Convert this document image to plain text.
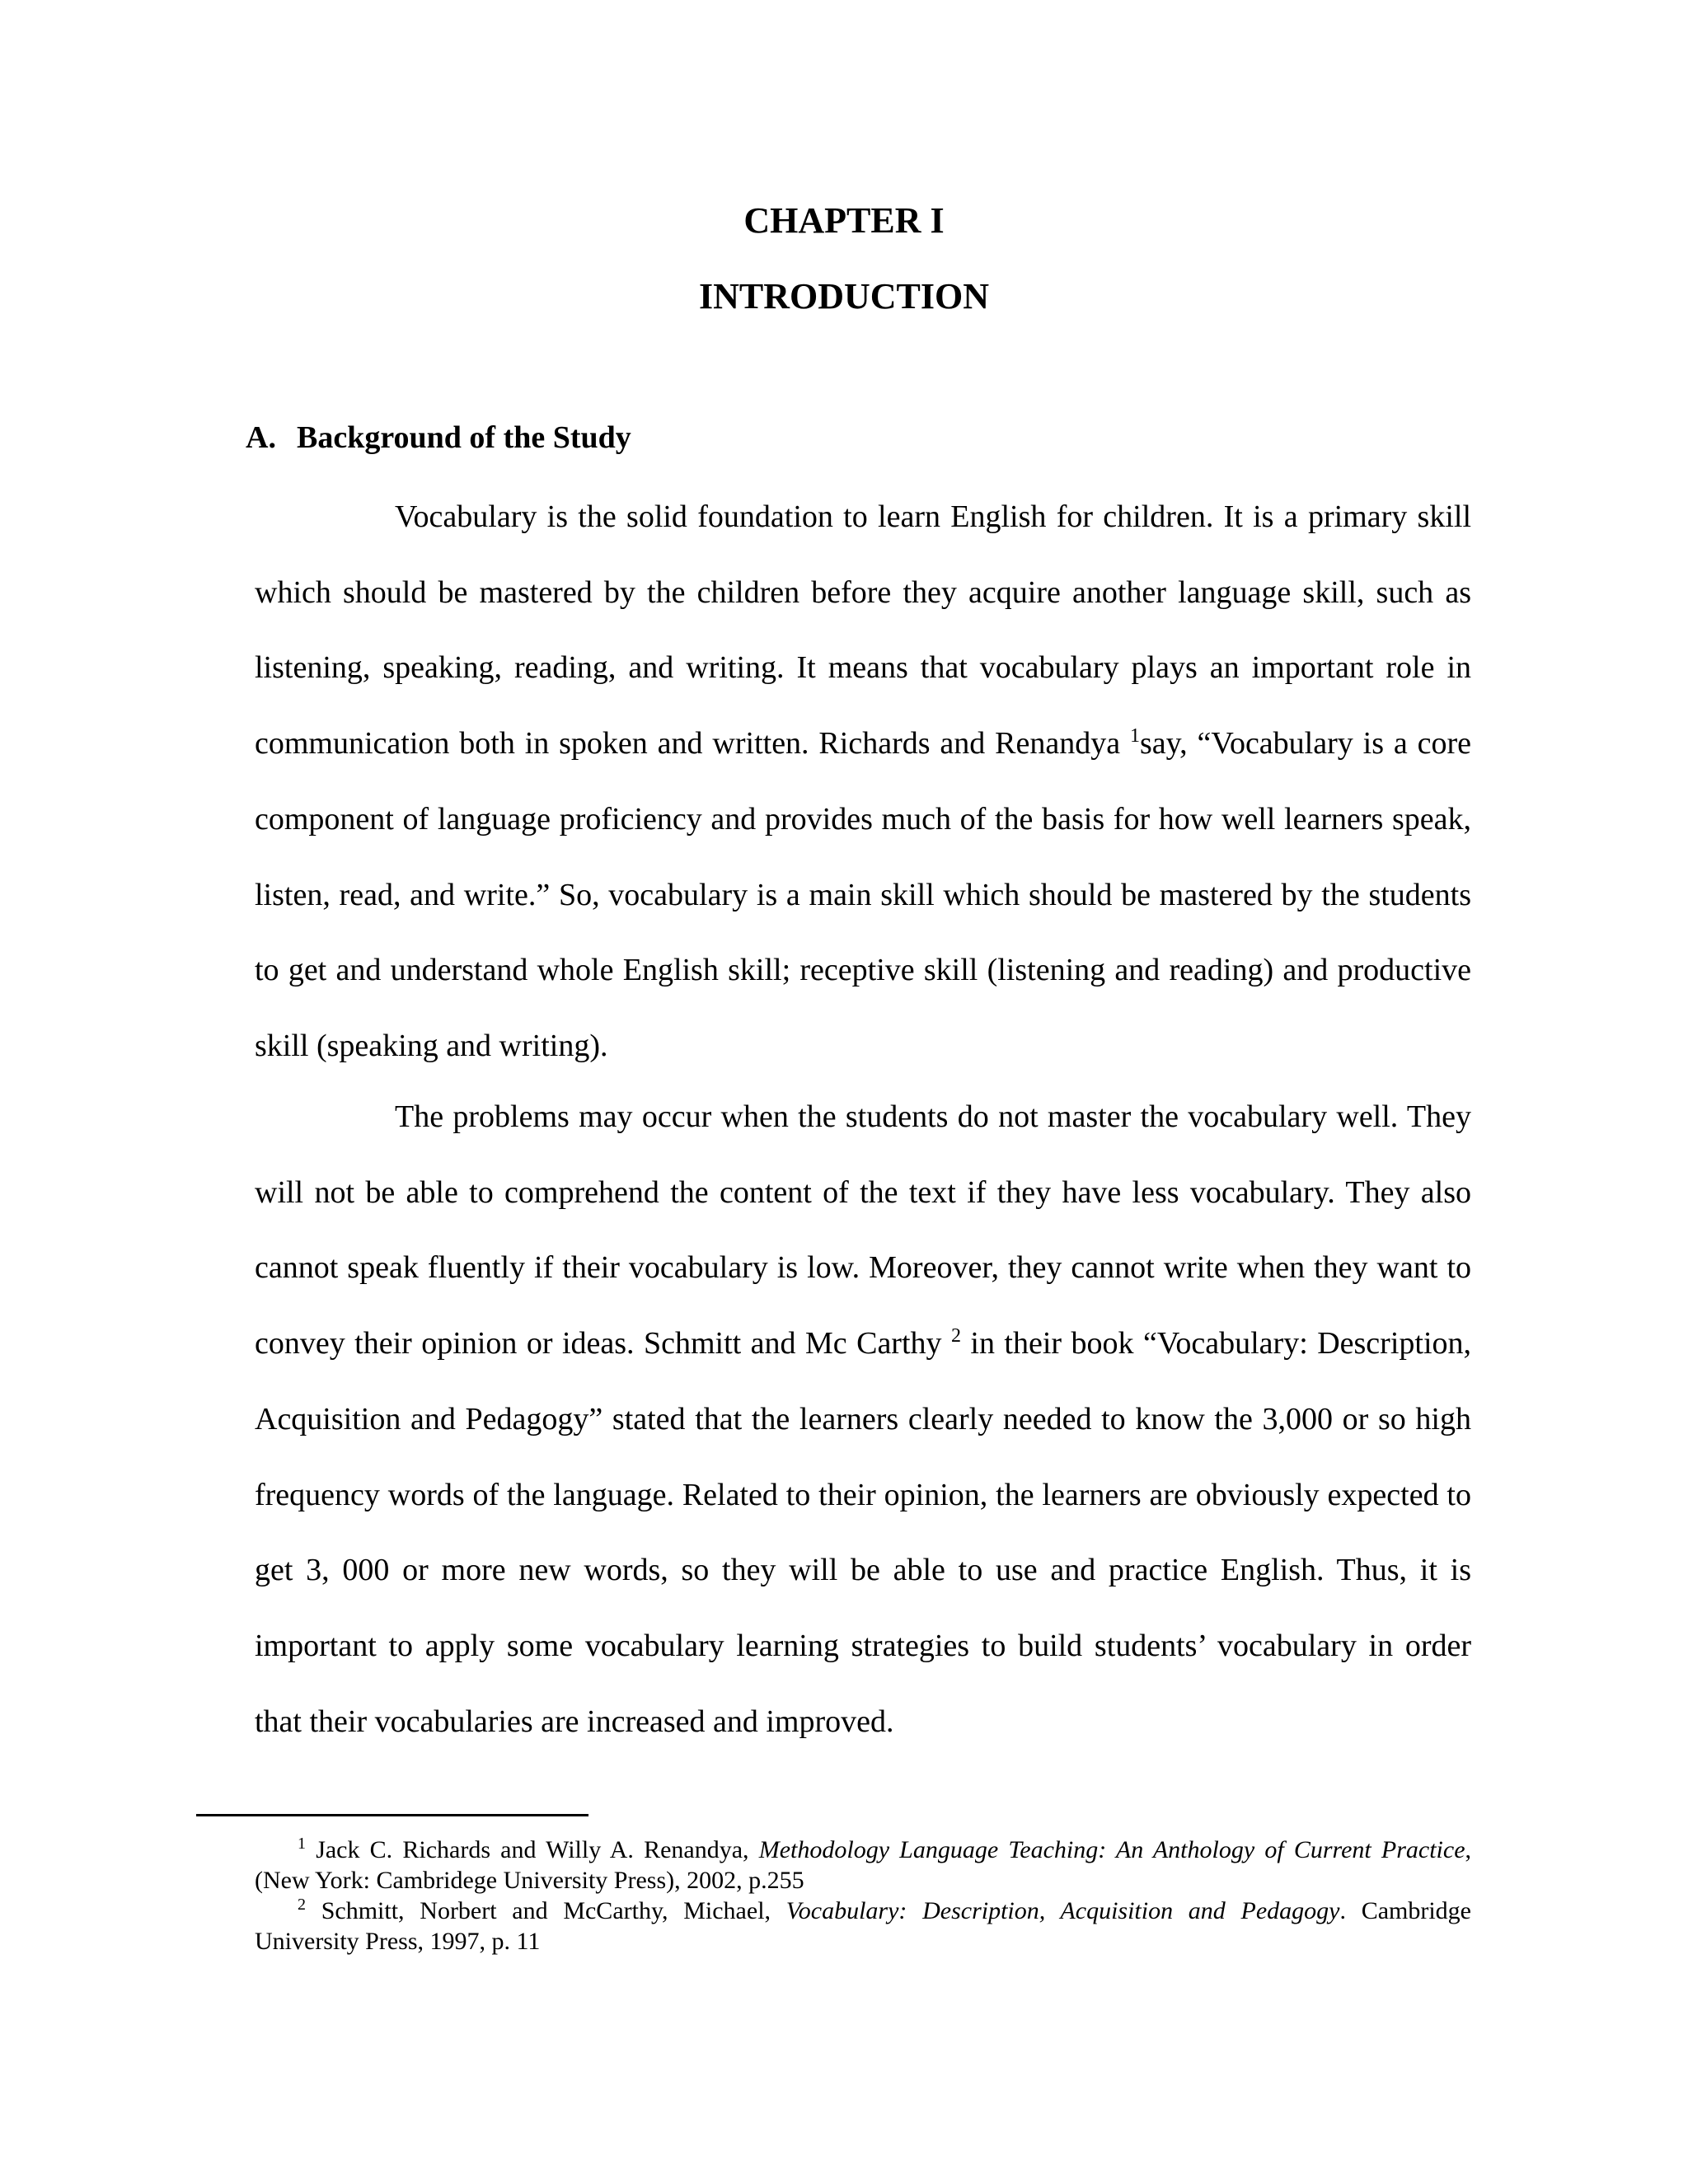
CHAPTER I
INTRODUCTION
A. Background of the Study

Vocabulary is the solid foundation to learn English for children. It is a primary skill which should be mastered by the children before they acquire another language skill, such as listening, speaking, reading, and writing. It means that vocabulary plays an important role in communication both in spoken and written. Richards and Renandya $^1$say, “Vocabulary is a core component of language proficiency and provides much of the basis for how well learners speak, listen, read, and write.” So, vocabulary is a main skill which should be mastered by the students to get and understand whole English skill; receptive skill (listening and reading) and productive skill (speaking and writing).

The problems may occur when the students do not master the vocabulary well. They will not be able to comprehend the content of the text if they have less vocabulary. They also cannot speak fluently if their vocabulary is low. Moreover, they cannot write when they want to convey their opinion or ideas. Schmitt and Mc Carthy $^2$ in their book “Vocabulary: Description, Acquisition and Pedagogy” stated that the learners clearly needed to know the 3,000 or so high frequency words of the language. Related to their opinion, the learners are obviously expected to get 3, 000 or more new words, so they will be able to use and practice English. Thus, it is important to apply some vocabulary learning strategies to build students’ vocabulary in order that their vocabularies are increased and improved.

$^1$ Jack C. Richards and Willy A. Renandya, Methodology Language Teaching: An Anthology of Current Practice, (New York: Cambridege University Press), 2002, p.255

$^2$ Schmitt, Norbert and McCarthy, Michael, Vocabulary: Description, Acquisition and Pedagogy. Cambridge University Press, 1997, p. 11
